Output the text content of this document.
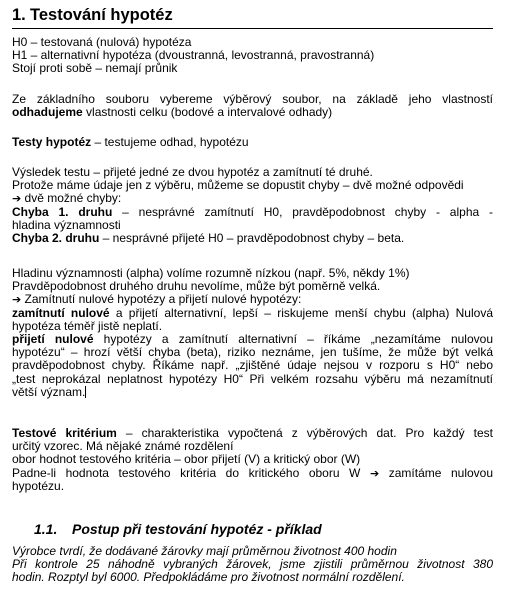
1. Testování hypotéz

H0 – testovaná (nulová) hypotéza

H1 – alternativní hypotéza (dvoustranná, levostranná, pravostranná)

Stojí proti sobě – nemají průnik

Ze základního souboru vybereme výběrový soubor, na základě jeho vlastností

odhadujeme vlastnosti celku (bodové a intervalové odhady)

Testy hypotéz – testujeme odhad, hypotézu

Výsledek testu – přijeté jedné ze dvou hypotéz a zamítnutí té druhé.

Protože máme údaje jen z výběru, můžeme se dopustit chyby – dvě možné odpovědi

➔ dvě možné chyby:

Chyba 1. druhu – nesprávné zamítnutí H0, pravděpodobnost chyby - alpha -

hladina významnosti

Chyba 2. druhu – nesprávné přijeté H0 – pravděpodobnost chyby – beta.

Hladinu významnosti (alpha) volíme rozumně nízkou (např. 5%, někdy 1%)

Pravděpodobnost druhého druhu nevolíme, může být poměrně velká.

➔ Zamítnutí nulové hypotézy a přijetí nulové hypotézy:

zamítnutí nulové a přijetí alternativní, lepší – riskujeme menší chybu (alpha) Nulová

hypotéza téměř jistě neplatí.

přijetí nulové hypotézy a zamítnutí alternativní – říkáme „nezamítáme nulovou

hypotézu“ – hrozí větší chyba (beta), riziko neznáme, jen tušíme, že může být velká

pravděpodobnost chyby. Říkáme např. „zjištěné údaje nejsou v rozporu s H0“ nebo

„test neprokázal neplatnost hypotézy H0“ Při velkém rozsahu výběru má nezamítnutí

větší význam.

Testové kritérium – charakteristika vypočtená z výběrových dat. Pro každý test

určitý vzorec. Má nějaké známé rozdělení

obor hodnot testového kritéria – obor přijetí (V) a kritický obor (W)

Padne-li hodnota testového kritéria do kritického oboru W ➔ zamítáme nulovou

hypotézu.

1.1. Postup při testování hypotéz - příklad

Výrobce tvrdí, že dodávané žárovky mají průměrnou životnost 400 hodin

Při kontrole 25 náhodně vybraných žárovek, jsme zjistili průměrnou životnost 380

hodin. Rozptyl byl 6000. Předpokládáme pro životnost normální rozdělení.
